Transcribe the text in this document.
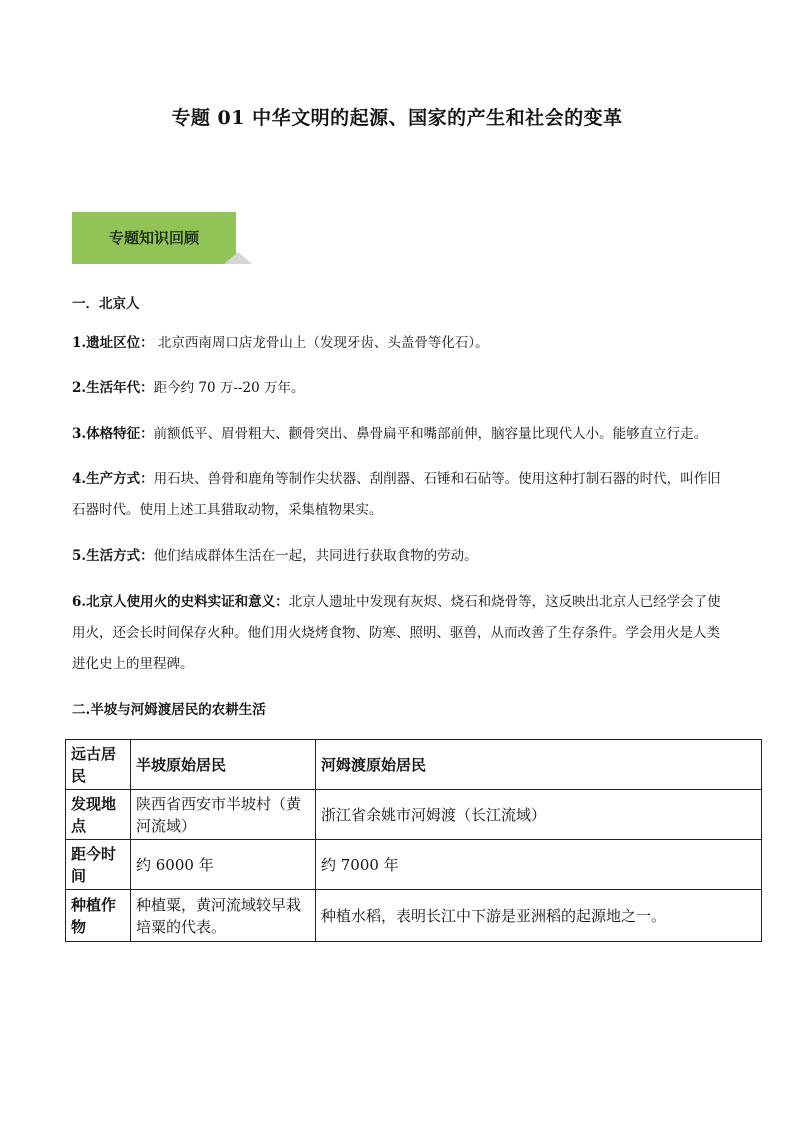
专题 01 中华文明的起源、国家的产生和社会的变革
专题知识回顾
一．北京人
1.遗址区位： 北京西南周口店龙骨山上（发现牙齿、头盖骨等化石）。
2.生活年代：距今约 70 万--20 万年。
3.体格特征：前额低平、眉骨粗大、颧骨突出、鼻骨扁平和嘴部前伸，脑容量比现代人小。能够直立行走。
4.生产方式：用石块、兽骨和鹿角等制作尖状器、刮削器、石锤和石砧等。使用这种打制石器的时代，叫作旧石器时代。使用上述工具猎取动物，采集植物果实。
5.生活方式：他们结成群体生活在一起，共同进行获取食物的劳动。
6.北京人使用火的史料实证和意义：北京人遗址中发现有灰烬、烧石和烧骨等，这反映出北京人已经学会了使用火，还会长时间保存火种。他们用火烧烤食物、防寒、照明、驱兽，从而改善了生存条件。学会用火是人类进化史上的里程碑。
二.半坡与河姆渡居民的农耕生活
远古居民	半坡原始居民	河姆渡原始居民
发现地点	陕西省西安市半坡村（黄河流域）	浙江省余姚市河姆渡（长江流域）
距今时间	约 6000 年	约 7000 年
种植作物	种植粟，黄河流域较早栽培粟的代表。	种植水稻，表明长江中下游是亚洲稻的起源地之一。
